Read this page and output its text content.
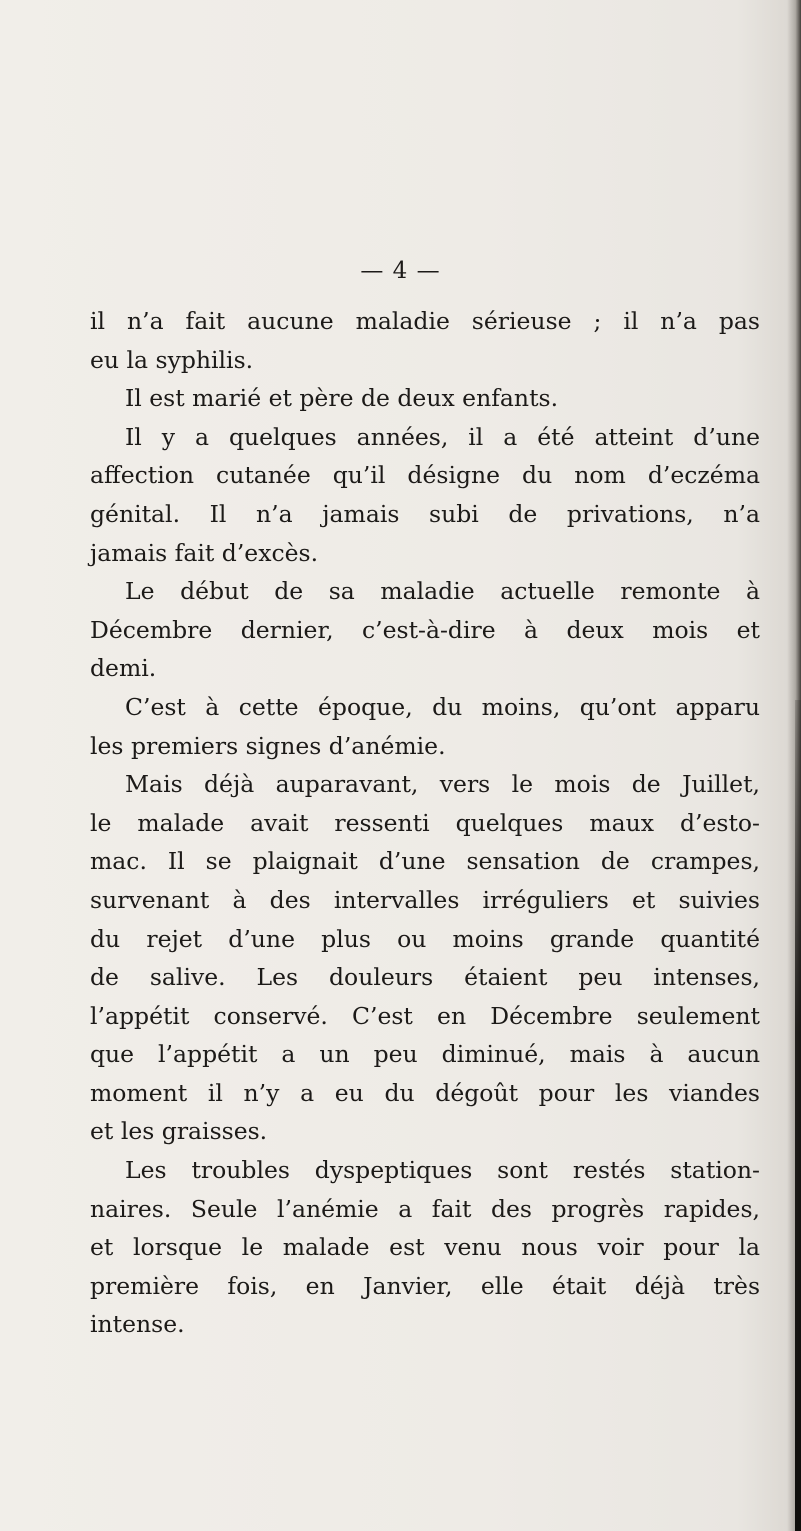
— 4 —
il n’a fait aucune maladie sérieuse ; il n’a pas
eu la syphilis.
Il est marié et père de deux enfants.
Il y a quelques années, il a été atteint d’une
affection cutanée qu’il désigne du nom d’eczéma
génital. Il n’a jamais subi de privations, n’a
jamais fait d’excès.
Le début de sa maladie actuelle remonte à
Décembre dernier, c’est-à-dire à deux mois et
demi.
C’est à cette époque, du moins, qu’ont apparu
les premiers signes d’anémie.
Mais déjà auparavant, vers le mois de Juillet,
le malade avait ressenti quelques maux d’esto-
mac. Il se plaignait d’une sensation de crampes,
survenant à des intervalles irréguliers et suivies
du rejet d’une plus ou moins grande quantité
de salive. Les douleurs étaient peu intenses,
l’appétit conservé. C’est en Décembre seulement
que l’appétit a un peu diminué, mais à aucun
moment il n’y a eu du dégoût pour les viandes
et les graisses.
Les troubles dyspeptiques sont restés station-
naires. Seule l’anémie a fait des progrès rapides,
et lorsque le malade est venu nous voir pour la
première fois, en Janvier, elle était déjà très
intense.
